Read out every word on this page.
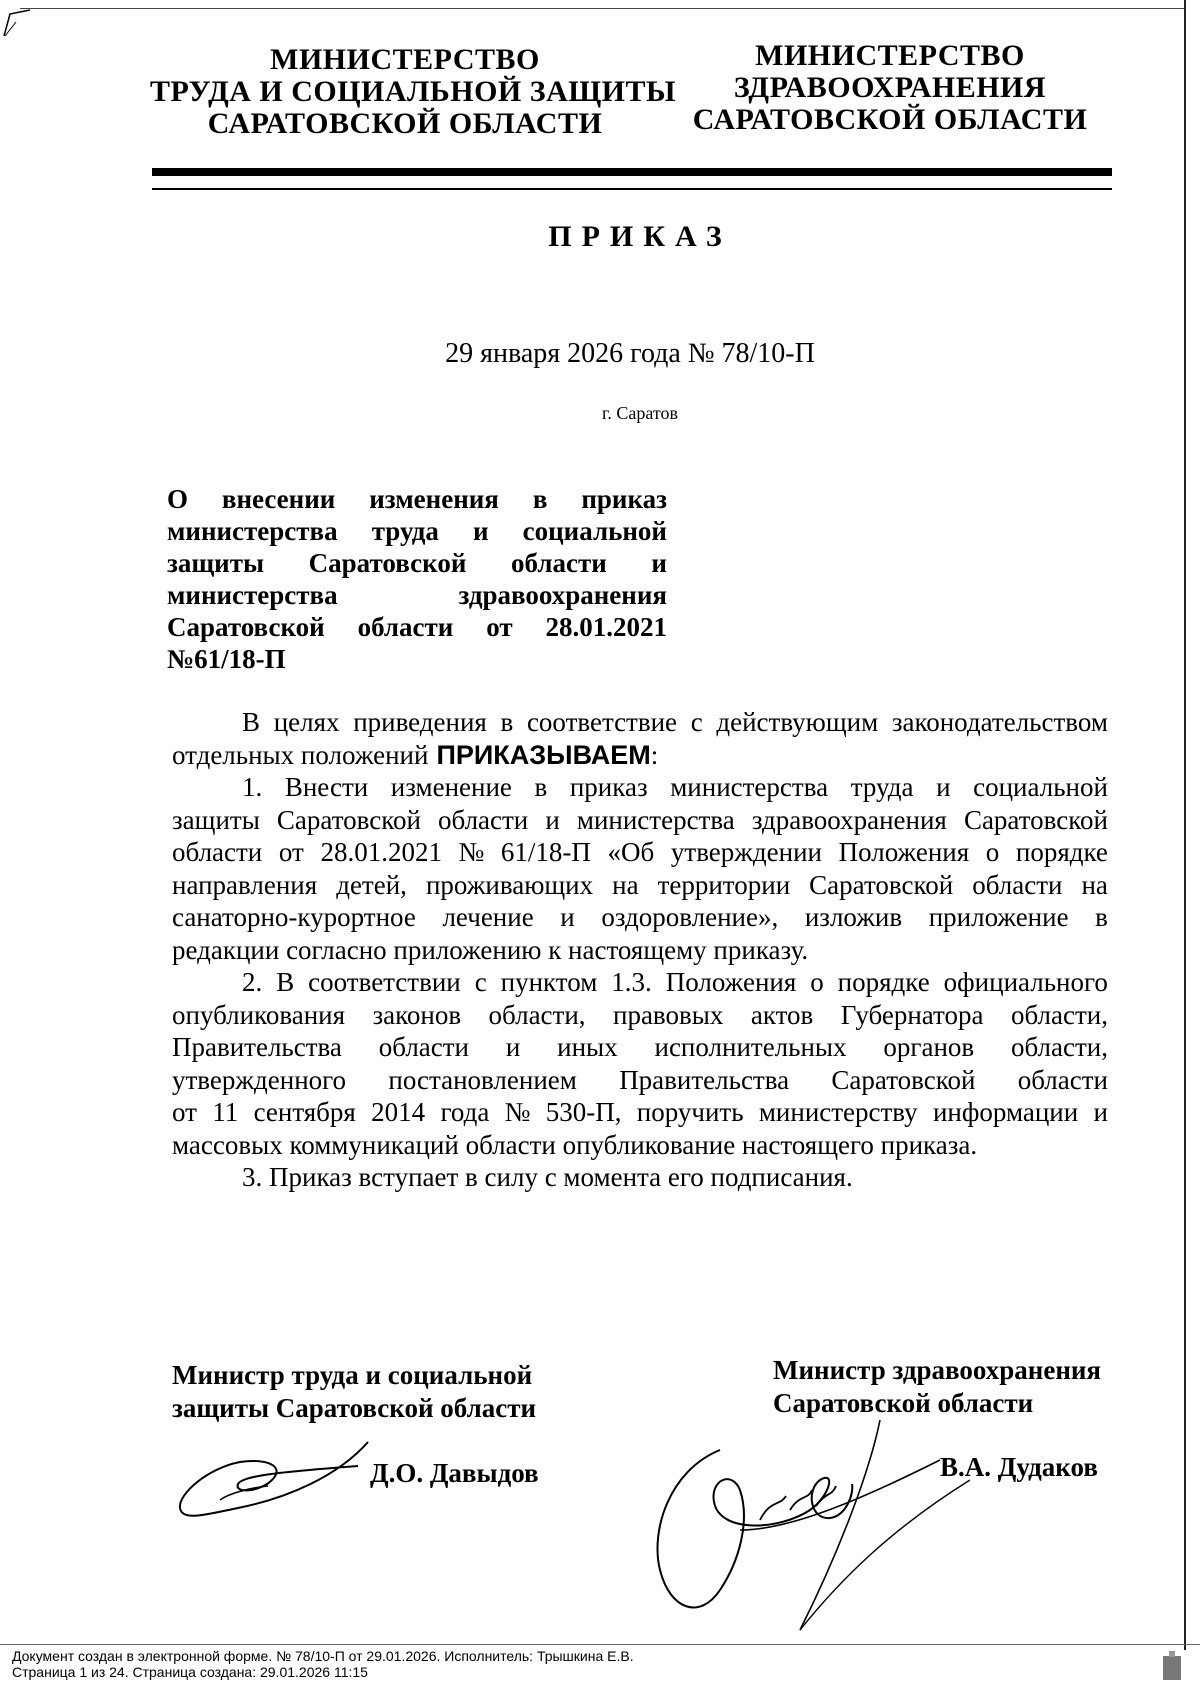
МИНИСТЕРСТВО
ТРУДА И СОЦИАЛЬНОЙ ЗАЩИТЫ
САРАТОВСКОЙ ОБЛАСТИ
МИНИСТЕРСТВО
ЗДРАВООХРАНЕНИЯ
САРАТОВСКОЙ ОБЛАСТИ
ПРИКАЗ
29 января 2026 года № 78/10-П
г. Саратов
О внесении изменения в приказ
министерства труда и социальной
защиты Саратовской области и
министерства	здравоохранения
Саратовской области от 28.01.2021
№61/18-П
В целях приведения в соответствие с действующим законодательством
отдельных положений ПРИКАЗЫВАЕМ :
1. Внести изменение в приказ министерства труда и социальной
защиты Саратовской области и министерства здравоохранения Саратовской
области от 28.01.2021 № 61/18-П «Об утверждении Положения о порядке
направления детей, проживающих на территории Саратовской области на
санаторно-курортное лечение и оздоровление», изложив приложение в
редакции согласно приложению к настоящему приказу.
2. В соответствии с пунктом 1.3. Положения о порядке официального
опубликования законов области, правовых актов Губернатора области,
Правительства области и иных исполнительных органов области,
утвержденного постановлением Правительства Саратовской области
от 11 сентября 2014 года № 530-П, поручить министерству информации и
массовых коммуникаций области опубликование настоящего приказа.
3. Приказ вступает в силу с момента его подписания.
Министр труда и социальной
защиты Саратовской области
Министр здравоохранения
Саратовской области
Д.О. Давыдов	В.А. Дудаков
Документ создан в электронной форме. № 78/10-П от 29.01.2026. Исполнитель: Трышкина Е.В.
Страница 1 из 24. Страница создана: 29.01.2026 11:15
